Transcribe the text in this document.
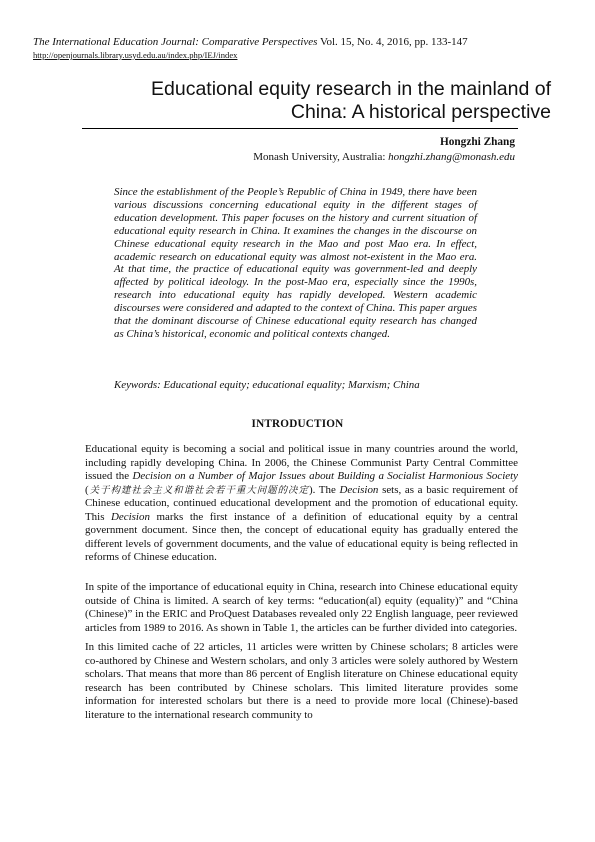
The International Education Journal: Comparative Perspectives Vol. 15, No. 4, 2016, pp. 133-147
http://openjournals.library.usyd.edu.au/index.php/IEJ/index
Educational equity research in the mainland of
China: A historical perspective
Hongzhi Zhang
Monash University, Australia: hongzhi.zhang@monash.edu

Since the establishment of the People’s Republic of China in 1949, there have been various discussions concerning educational equity in the different stages of education development. This paper focuses on the history and current situation of educational equity research in China. It examines the changes in the discourse on Chinese educational equity research in the Mao and post Mao era. In effect, academic research on educational equity was almost not-existent in the Mao era. At that time, the practice of educational equity was government-led and deeply affected by political ideology. In the post-Mao era, especially since the 1990s, research into educational equity has rapidly developed. Western academic discourses were considered and adapted to the context of China. This paper argues that the dominant discourse of Chinese educational equity research has changed as China’s historical, economic and political contexts changed.

Keywords: Educational equity; educational equality; Marxism; China

INTRODUCTION

Educational equity is becoming a social and political issue in many countries around the world, including rapidly developing China. In 2006, the Chinese Communist Party Central Committee issued the Decision on a Number of Major Issues about Building a Socialist Harmonious Society (关于构建社会主义和谐社会若干重大问题的决定). The Decision sets, as a basic requirement of Chinese education, continued educational development and the promotion of educational equity. This Decision marks the first instance of a definition of educational equity by a central government document. Since then, the concept of educational equity has gradually entered the different levels of government documents, and the value of educational equity is being reflected in reforms of Chinese education.

In spite of the importance of educational equity in China, research into Chinese educational equity outside of China is limited. A search of key terms: “education(al) equity (equality)” and “China (Chinese)” in the ERIC and ProQuest Databases revealed only 22 English language, peer reviewed articles from 1989 to 2016. As shown in Table 1, the articles can be further divided into categories.

In this limited cache of 22 articles, 11 articles were written by Chinese scholars; 8 articles were co-authored by Chinese and Western scholars, and only 3 articles were solely authored by Western scholars. That means that more than 86 percent of English literature on Chinese educational equity research has been contributed by Chinese scholars. This limited literature provides some information for interested scholars but there is a need to provide more local (Chinese)-based literature to the international research community to
